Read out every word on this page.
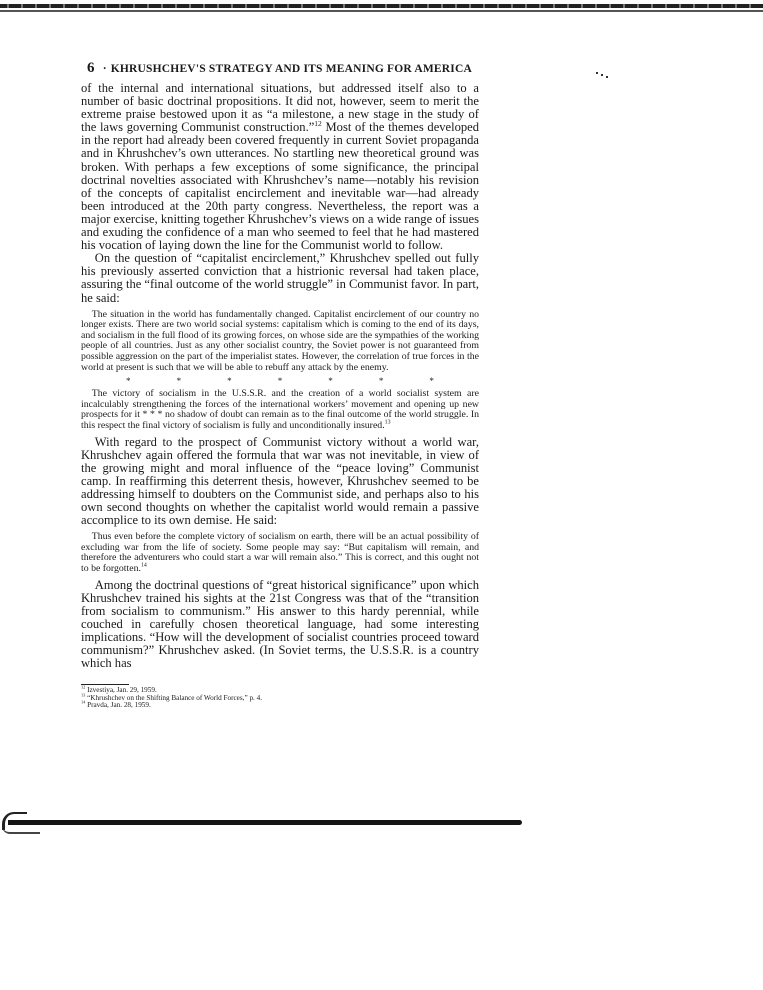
6 · KHRUSHCHEV'S STRATEGY AND ITS MEANING FOR AMERICA

of the internal and international situations, but addressed itself also to a number of basic doctrinal propositions. It did not, however, seem to merit the extreme praise bestowed upon it as “a milestone, a new stage in the study of the laws governing Communist construction.”$^{12}$ Most of the themes developed in the report had already been covered frequently in current Soviet propaganda and in Khrushchev’s own utterances. No startling new theoretical ground was broken. With perhaps a few exceptions of some significance, the principal doctrinal novelties associated with Khrushchev’s name—notably his revision of the concepts of capitalist encirclement and inevitable war—had already been introduced at the 20th party congress. Nevertheless, the report was a major exercise, knitting together Khrushchev’s views on a wide range of issues and exuding the confidence of a man who seemed to feel that he had mastered his vocation of laying down the line for the Communist world to follow.

On the question of “capitalist encirclement,” Khrushchev spelled out fully his previously asserted conviction that a histrionic reversal had taken place, assuring the “final outcome of the world struggle” in Communist favor. In part, he said:

The situation in the world has fundamentally changed. Capitalist encirclement of our country no longer exists. There are two world social systems: capitalism which is coming to the end of its days, and socialism in the full flood of its growing forces, on whose side are the sympathies of the working people of all countries. Just as any other socialist country, the Soviet power is not guaranteed from possible aggression on the part of the imperialist states. However, the correlation of true forces in the world at present is such that we will be able to rebuff any attack by the enemy.

*	*	*	*	*	*	*

The victory of socialism in the U.S.S.R. and the creation of a world socialist system are incalculably strengthening the forces of the international workers’ movement and opening up new prospects for it * * * no shadow of doubt can remain as to the final outcome of the world struggle. In this respect the final victory of socialism is fully and unconditionally insured.$^{13}$

With regard to the prospect of Communist victory without a world war, Khrushchev again offered the formula that war was not inevitable, in view of the growing might and moral influence of the “peace loving” Communist camp. In reaffirming this deterrent thesis, however, Khrushchev seemed to be addressing himself to doubters on the Communist side, and perhaps also to his own second thoughts on whether the capitalist world would remain a passive accomplice to its own demise. He said:

Thus even before the complete victory of socialism on earth, there will be an actual possibility of excluding war from the life of society. Some people may say: “But capitalism will remain, and therefore the adventurers who could start a war will remain also.” This is correct, and this ought not to be forgotten.$^{14}$

Among the doctrinal questions of “great historical significance” upon which Khrushchev trained his sights at the 21st Congress was that of the “transition from socialism to communism.” His answer to this hardy perennial, while couched in carefully chosen theoretical language, had some interesting implications. “How will the development of socialist countries proceed toward communism?” Khrushchev asked. (In Soviet terms, the U.S.S.R. is a country which has

$^{12}$ Izvestiya, Jan. 29, 1959.

$^{13}$ “Khrushchev on the Shifting Balance of World Forces,” p. 4.

$^{14}$ Pravda, Jan. 28, 1959.
